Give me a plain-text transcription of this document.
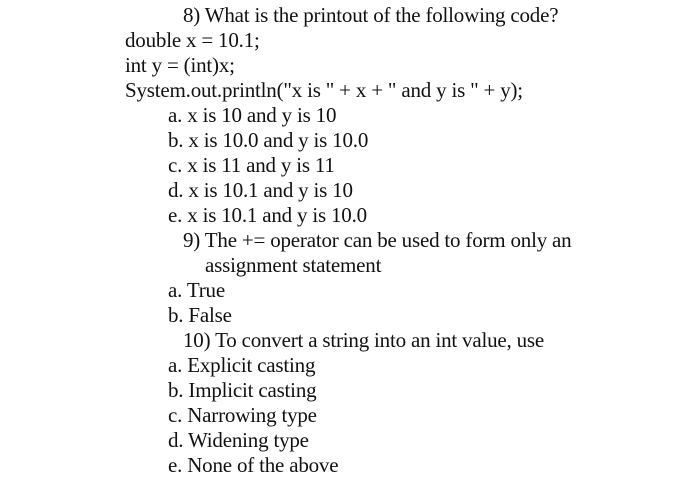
8) What is the printout of the following code?
double x = 10.1;
int y = (int)x;
System.out.println("x is " + x + " and y is " + y);
a. x is 10 and y is 10
b. x is 10.0 and y is 10.0
c. x is 11 and y is 11
d. x is 10.1 and y is 10
e. x is 10.1 and y is 10.0
9) The += operator can be used to form only an
assignment statement
a. True
b. False
10) To convert a string into an int value, use
a. Explicit casting
b. Implicit casting
c. Narrowing type
d. Widening type
e. None of the above
